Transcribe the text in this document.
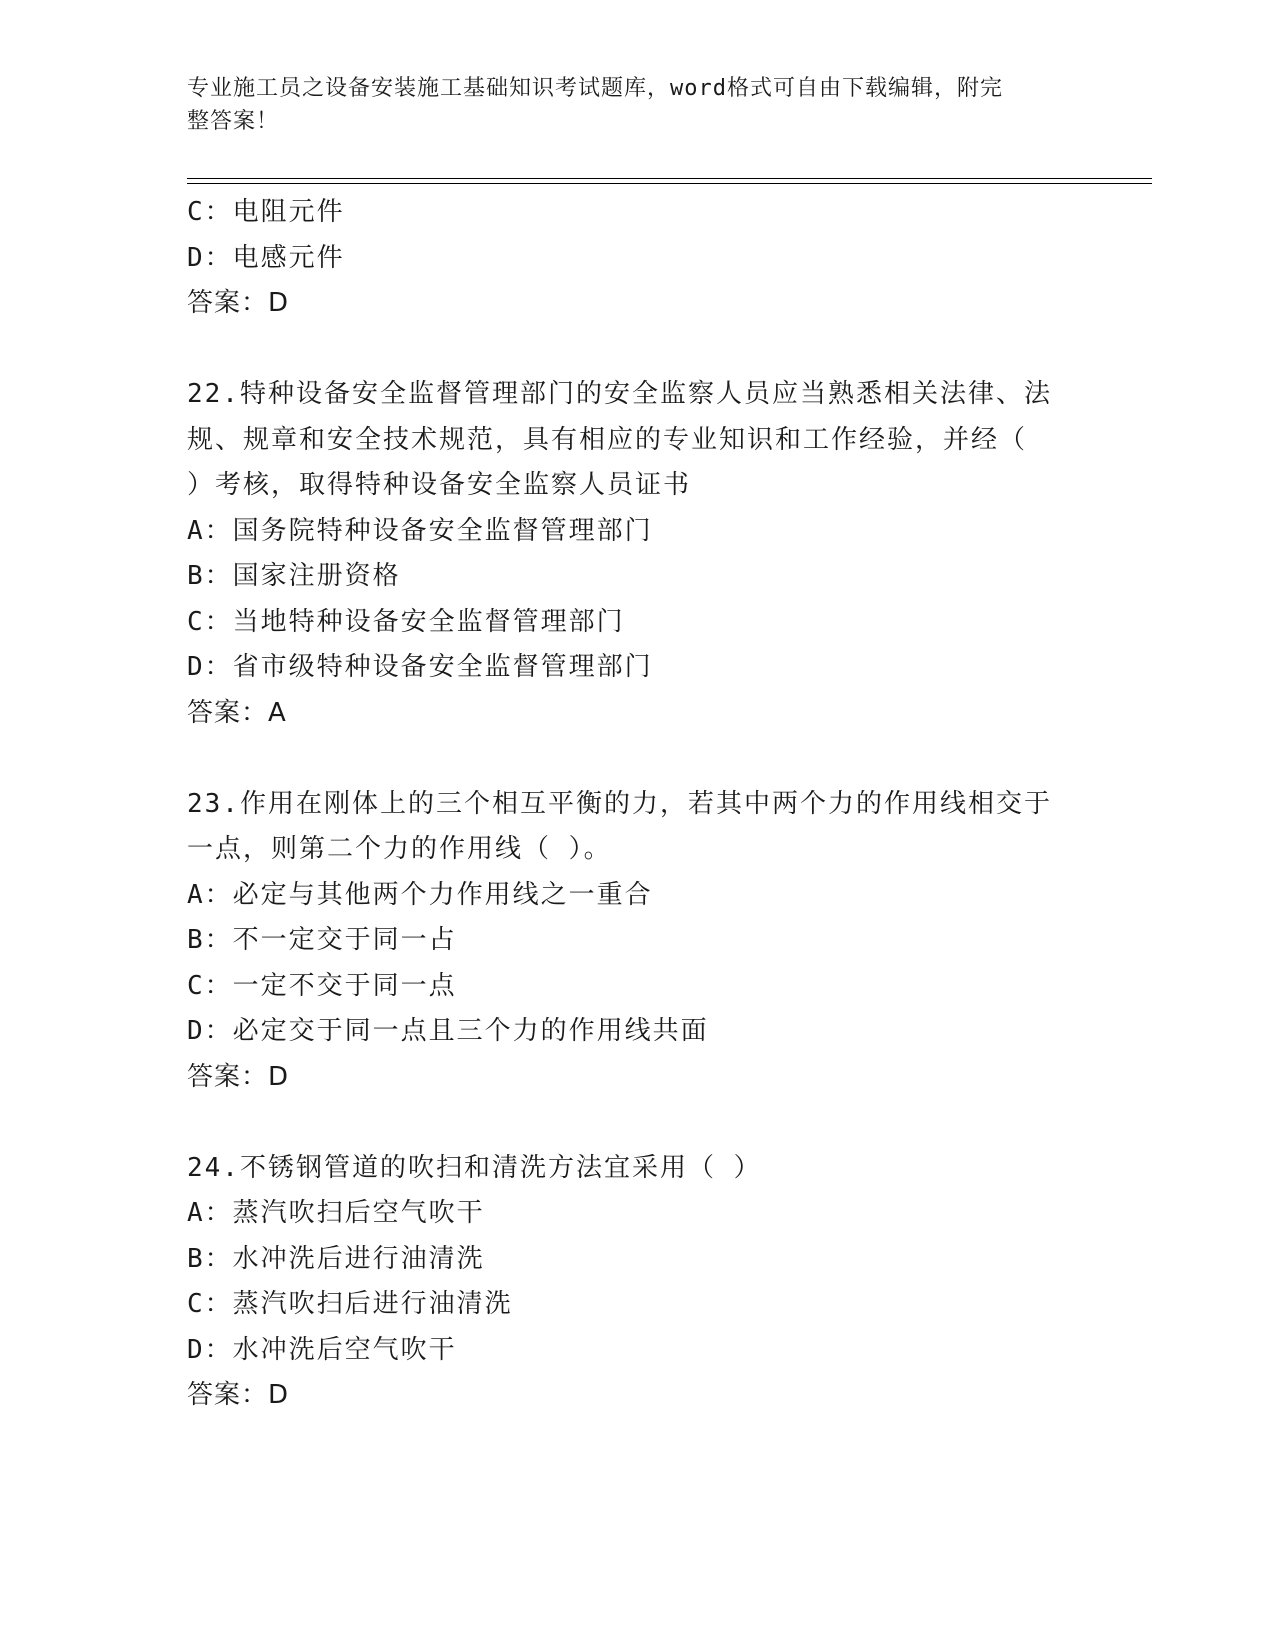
专业施工员之设备安装施工基础知识考试题库，word格式可自由下载编辑，附完
整答案！
C：电阻元件
D：电感元件
答案：D
22.特种设备安全监督管理部门的安全监察人员应当熟悉相关法律、法
规、规章和安全技术规范，具有相应的专业知识和工作经验，并经（
）考核，取得特种设备安全监察人员证书
A：国务院特种设备安全监督管理部门
B：国家注册资格
C：当地特种设备安全监督管理部门
D：省市级特种设备安全监督管理部门
答案：A
23.作用在刚体上的三个相互平衡的力，若其中两个力的作用线相交于
一点，则第二个力的作用线（ ）。
A：必定与其他两个力作用线之一重合
B：不一定交于同一占
C：一定不交于同一点
D：必定交于同一点且三个力的作用线共面
答案：D
24.不锈钢管道的吹扫和清洗方法宜采用（ ）
A：蒸汽吹扫后空气吹干
B：水冲洗后进行油清洗
C：蒸汽吹扫后进行油清洗
D：水冲洗后空气吹干
答案：D
